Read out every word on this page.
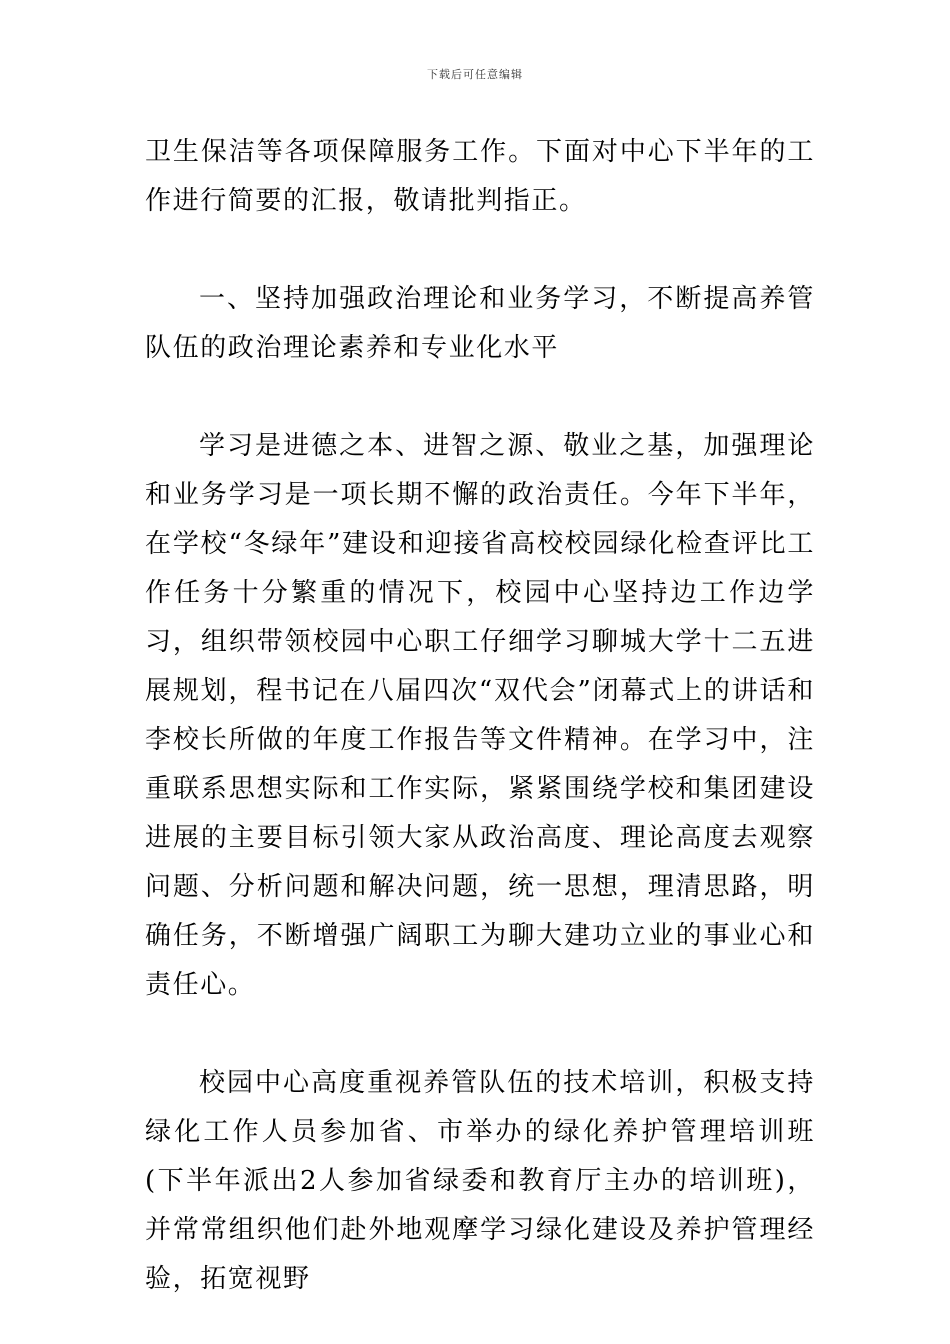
下载后可任意编辑

卫生保洁等各项保障服务工作。下面对中心下半年的工作进行简要的汇报，敬请批判指正。

一、坚持加强政治理论和业务学习，不断提高养管队伍的政治理论素养和专业化水平

学习是进德之本、进智之源、敬业之基，加强理论和业务学习是一项长期不懈的政治责任。今年下半年，在学校“冬绿年”建设和迎接省高校校园绿化检查评比工作任务十分繁重的情况下，校园中心坚持边工作边学习，组织带领校园中心职工仔细学习聊城大学十二五进展规划，程书记在八届四次“双代会”闭幕式上的讲话和李校长所做的年度工作报告等文件精神。在学习中，注重联系思想实际和工作实际，紧紧围绕学校和集团建设进展的主要目标引领大家从政治高度、理论高度去观察问题、分析问题和解决问题，统一思想，理清思路，明确任务，不断增强广阔职工为聊大建功立业的事业心和责任心。

校园中心高度重视养管队伍的技术培训，积极支持绿化工作人员参加省、市举办的绿化养护管理培训班(下半年派出2人参加省绿委和教育厅主办的培训班)，并常常组织他们赴外地观摩学习绿化建设及养护管理经验，拓宽视野
